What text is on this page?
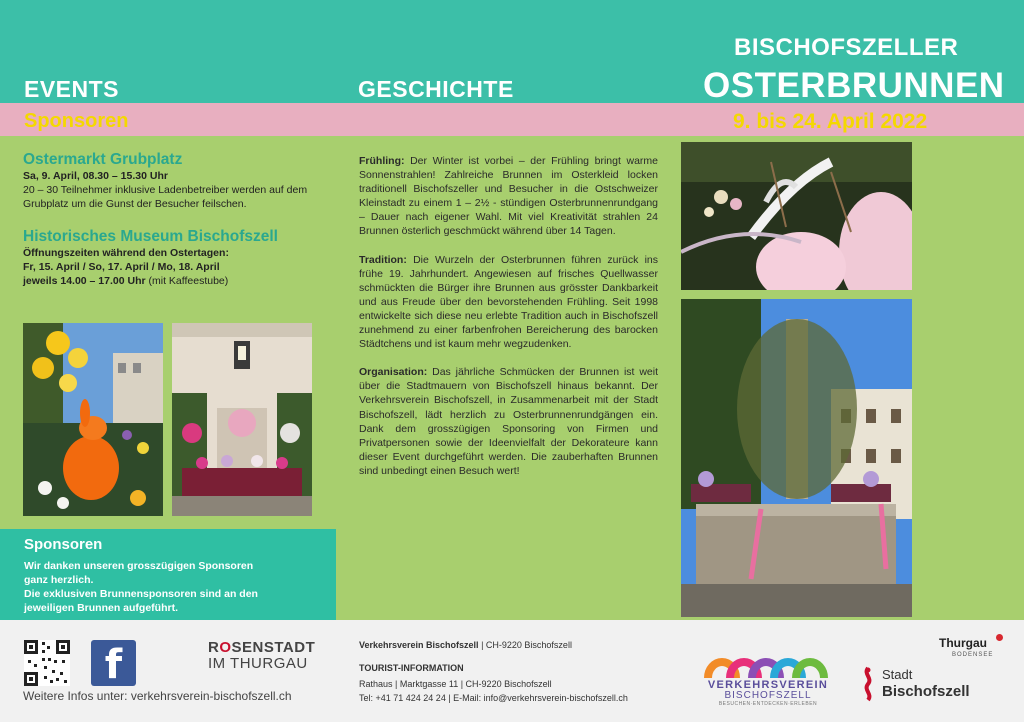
EVENTS	GESCHICHTE
Sponsoren
BISCHOFSZELLER
OSTERBRUNNEN
9. bis 24. April 2022
Ostermarkt Grubplatz
Sa, 9. April, 08.30 – 15.30 Uhr
20 – 30 Teilnehmer inklusive Ladenbetreiber werden auf dem Grubplatz um die Gunst der Besucher feilschen.
Historisches Museum Bischofszell
Öffnungszeiten während den Ostertagen:
Fr, 15. April / So, 17. April / Mo, 18. April
jeweils 14.00 – 17.00 Uhr (mit Kaffeestube)
Sponsoren
Wir danken unseren grosszügigen Sponsoren
ganz herzlich.
Die exklusiven Brunnensponsoren sind an den
jeweiligen Brunnen aufgeführt.

Frühling: Der Winter ist vorbei – der Frühling bringt warme Sonnenstrahlen! Zahlreiche Brunnen im Osterkleid locken traditionell Bischofszeller und Besucher in die Ostschweizer Kleinstadt zu einem 1 – 2½ - stündigen Osterbrunnenrundgang – Dauer nach eigener Wahl. Mit viel Kreativität strahlen 24 Brunnen österlich geschmückt während über 14 Tagen.

Tradition: Die Wurzeln der Osterbrunnen führen zurück ins frühe 19. Jahrhundert. Angewiesen auf frisches Quellwasser schmückten die Bürger ihre Brunnen aus grösster Dankbarkeit und aus Freude über den bevorstehenden Frühling. Seit 1998 entwickelte sich diese neu erlebte Tradition auch in Bischofszell zunehmend zu einer farbenfrohen Bereicherung des barocken Städtchens und ist kaum mehr wegzudenken.

Organisation: Das jährliche Schmücken der Brunnen ist weit über die Stadtmauern von Bischofszell hinaus bekannt. Der Verkehrsverein Bischofszell, in Zusammenarbeit mit der Stadt Bischofszell, lädt herzlich zu Osterbrunnenrundgängen ein. Dank dem grosszügigen Sponsoring von Firmen und Privatpersonen sowie der Ideenvielfalt der Dekorateure kann dieser Event durchgeführt werden. Die zauberhaften Brunnen sind unbedingt einen Besuch wert!

f	ROSENSTADT
IM THURGAU
Weitere Infos unter: verkehrsverein-bischofszell.ch
Verkehrsverein Bischofszell | CH-9220 Bischofszell
TOURIST-INFORMATION
Rathaus | Marktgasse 11 | CH-9220 Bischofszell
Tel: +41 71 424 24 24 | E-Mail: info@verkehrsverein-bischofszell.ch
VERKEHRSVEREIN
BISCHOFSZELL
BESUCHEN·ENTDECKEN·ERLEBEN
Thurgau
BODENSEE
Stadt
Bischofszell
